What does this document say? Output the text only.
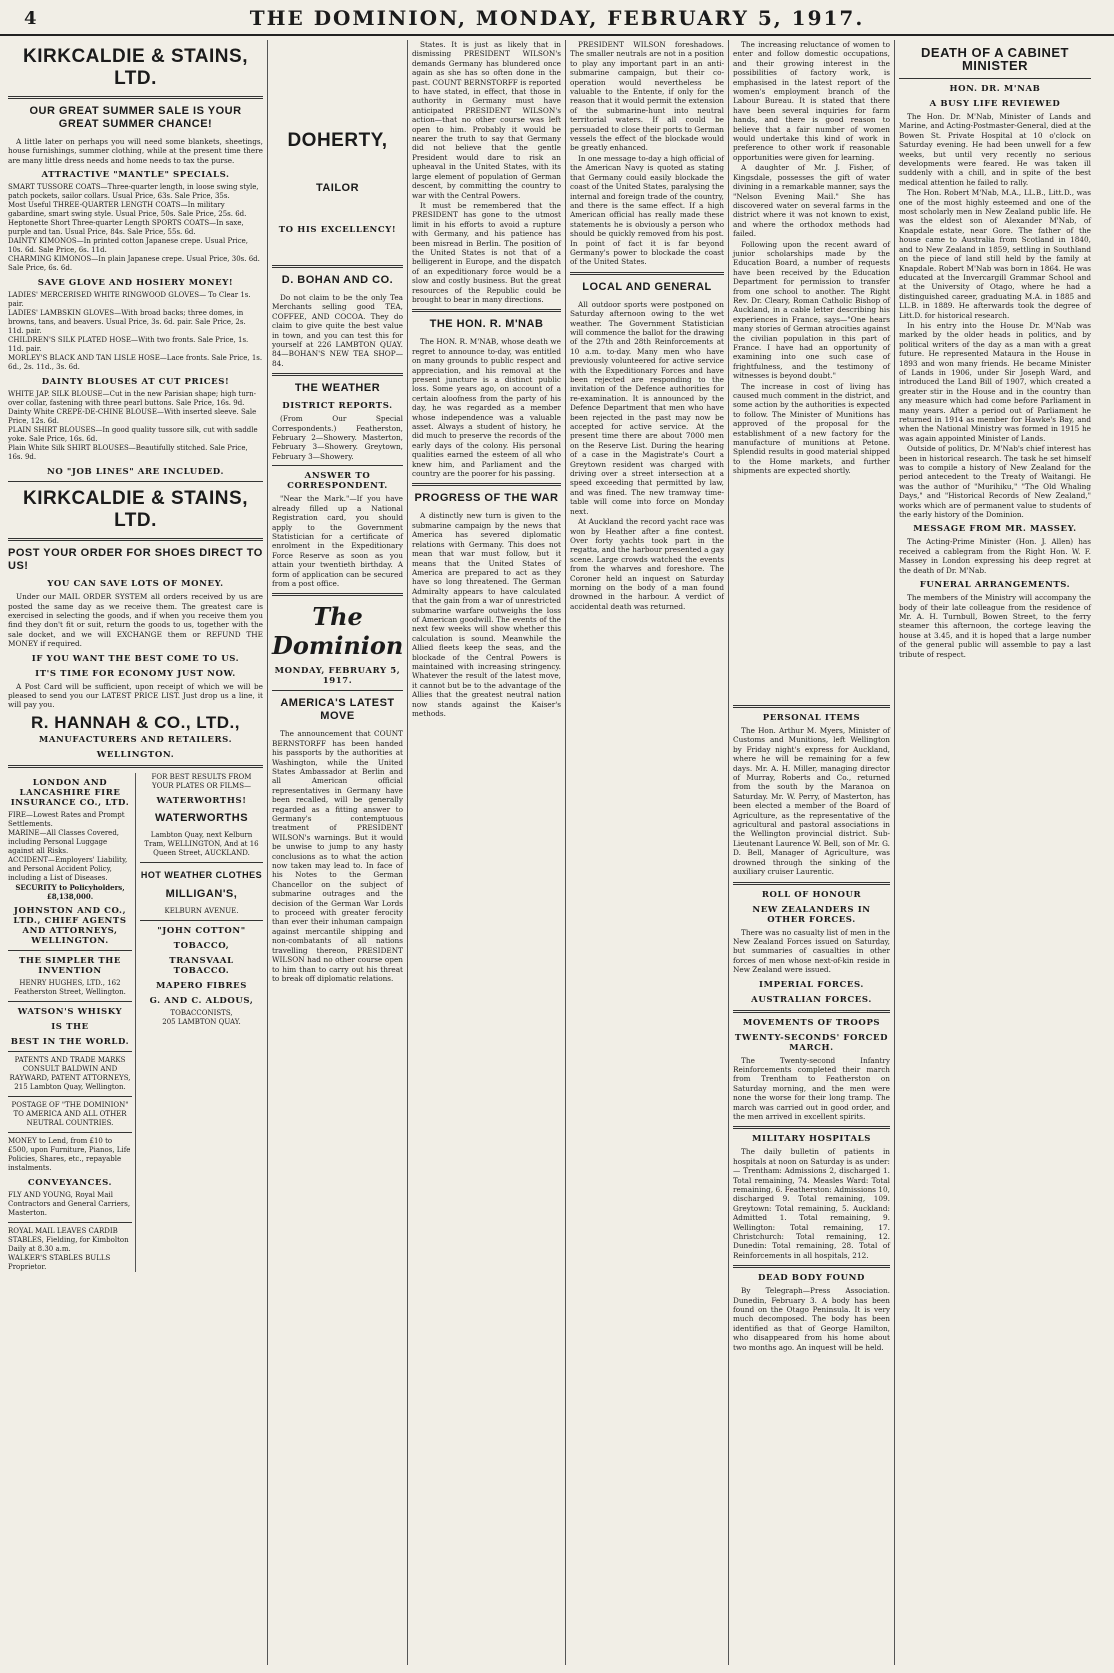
4	THE DOMINION, MONDAY, FEBRUARY 5, 1917.
KIRKCALDIE & STAINS, LTD.
OUR GREAT SUMMER SALE IS YOUR GREAT SUMMER CHANCE!

A little later on perhaps you will need some blankets, sheetings, house furnishings, summer clothing, while at the present time there are many little dress needs and home needs to tax the purse.

ATTRACTIVE "MANTLE" SPECIALS.

SMART TUSSORE COATS—Three-quarter length, in loose swing style, patch pockets, sailor collars. Usual Price, 63s. Sale Price, 35s.

Most Useful THREE-QUARTER LENGTH COATS—In military gabardine, smart swing style. Usual Price, 50s. Sale Price, 25s. 6d.

Heptonette Short Three-quarter Length SPORTS COATS—In saxe, purple and tan. Usual Price, 84s. Sale Price, 55s. 6d.

DAINTY KIMONOS—In printed cotton Japanese crepe. Usual Price, 10s. 6d. Sale Price, 6s. 11d.

CHARMING KIMONOS—In plain Japanese crepe. Usual Price, 30s. 6d. Sale Price, 6s. 6d.

SAVE GLOVE AND HOSIERY MONEY!

LADIES' MERCERISED WHITE RINGWOOD GLOVES— To Clear 1s. pair.

LADIES' LAMBSKIN GLOVES—With broad backs; three domes, in browns, tans, and beavers. Usual Price, 3s. 6d. pair. Sale Price, 2s. 11d. pair.

CHILDREN'S SILK PLATED HOSE—With two fronts. Sale Price, 1s. 11d. pair.

MORLEY'S BLACK AND TAN LISLE HOSE—Lace fronts. Sale Price, 1s. 6d., 2s. 11d., 3s. 6d.

DAINTY BLOUSES AT CUT PRICES!

WHITE JAP. SILK BLOUSE—Cut in the new Parisian shape; high turn-over collar, fastening with three pearl buttons. Sale Price, 16s. 9d.

Dainty White CREPE-DE-CHINE BLOUSE—With inserted sleeve. Sale Price, 12s. 6d.

PLAIN SHIRT BLOUSES—In good quality tussore silk, cut with saddle yoke. Sale Price, 16s. 6d.

Plain White Silk SHIRT BLOUSES—Beautifully stitched. Sale Price, 16s. 9d.

NO "JOB LINES" ARE INCLUDED.
KIRKCALDIE & STAINS, LTD.
POST YOUR ORDER FOR SHOES DIRECT TO US!
YOU CAN SAVE LOTS OF MONEY.

Under our MAIL ORDER SYSTEM all orders received by us are posted the same day as we receive them. The greatest care is exercised in selecting the goods, and if when you receive them you find they don't fit or suit, return the goods to us, together with the sale docket, and we will EXCHANGE them or REFUND THE MONEY if required.

IF YOU WANT THE BEST COME TO US.
IT'S TIME FOR ECONOMY JUST NOW.

A Post Card will be sufficient, upon receipt of which we will be pleased to send you our LATEST PRICE LIST. Just drop us a line, it will pay you.

R. HANNAH & CO., LTD.,
MANUFACTURERS AND RETAILERS.
WELLINGTON.
LONDON AND LANCASHIRE FIRE INSURANCE CO., LTD.

FIRE—Lowest Rates and Prompt Settlements.

MARINE—All Classes Covered, including Personal Luggage against all Risks.

ACCIDENT—Employers' Liability, and Personal Accident Policy, including a List of Diseases.

SECURITY to Policyholders, £8,138,000.

JOHNSTON AND CO., LTD., CHIEF AGENTS AND ATTORNEYS, WELLINGTON.
THE SIMPLER THE INVENTION
HENRY HUGHES, LTD., 162 Featherston Street, Wellington.
WATSON'S WHISKY
IS THE
BEST IN THE WORLD.
PATENTS AND TRADE MARKS CONSULT BALDWIN AND RAYWARD, PATENT ATTORNEYS, 215 Lambton Quay, Wellington.
POSTAGE OF "THE DOMINION" TO AMERICA AND ALL OTHER NEUTRAL COUNTRIES.
MONEY to Lend, from £10 to £500, upon Furniture, Pianos, Life Policies, Shares, etc., repayable instalments.
CONVEYANCES.
FLY AND YOUNG, Royal Mail Contractors and General Carriers, Masterton.
ROYAL MAIL LEAVES CARDIB STABLES, Fielding, for Kimbolton Daily at 8.30 a.m.
WALKER'S STABLES BULLS Proprietor.
FOR BEST RESULTS FROM YOUR PLATES OR FILMS—
WATERWORTHS!
WATERWORTHS
Lambton Quay, next Kelburn Tram, WELLINGTON, And at 16 Queen Street, AUCKLAND.
HOT WEATHER CLOTHES
MILLIGAN'S,
KELBURN AVENUE.
"JOHN COTTON"
TOBACCO,
TRANSVAAL TOBACCO.
MAPERO FIBRES
G. AND C. ALDOUS,
TOBACCONISTS,
205 LAMBTON QUAY.
DOHERTY,
TAILOR
TO HIS EXCELLENCY!
D. BOHAN AND CO.

Do not claim to be the only Tea Merchants selling good TEA, COFFEE, AND COCOA. They do claim to give quite the best value in town, and you can test this for yourself at 226 LAMBTON QUAY. 84—BOHAN'S NEW TEA SHOP—84.

THE WEATHER
DISTRICT REPORTS.

(From Our Special Correspondents.) Featherston, February 2—Showery. Masterton, February 3—Showery. Greytown, February 3—Showery.

ANSWER TO CORRESPONDENT.

"Near the Mark."—If you have already filled up a National Registration card, you should apply to the Government Statistician for a certificate of enrolment in the Expeditionary Force Reserve as soon as you attain your twentieth birthday. A form of application can be secured from a post office.

The Dominion
MONDAY, FEBRUARY 5, 1917.
AMERICA'S LATEST MOVE

The announcement that COUNT BERNSTORFF has been handed his passports by the authorities at Washington, while the United States Ambassador at Berlin and all American official representatives in Germany have been recalled, will be generally regarded as a fitting answer to Germany's contemptuous treatment of PRESIDENT WILSON's warnings. But it would be unwise to jump to any hasty conclusions as to what the action now taken may lead to. In face of his Notes to the German Chancellor on the subject of submarine outrages and the decision of the German War Lords to proceed with greater ferocity than ever their inhuman campaign against mercantile shipping and non-combatants of all nations travelling thereon, PRESIDENT WILSON had no other course open to him than to carry out his threat to break off diplomatic relations.

States. It is just as likely that in dismissing PRESIDENT WILSON's demands Germany has blundered once again as she has so often done in the past. COUNT BERNSTORFF is reported to have stated, in effect, that those in authority in Germany must have anticipated PRESIDENT WILSON's action—that no other course was left open to him. Probably it would be nearer the truth to say that Germany did not believe that the gentle President would dare to risk an upheaval in the United States, with its large element of population of German descent, by committing the country to war with the Central Powers.

It must be remembered that the PRESIDENT has gone to the utmost limit in his efforts to avoid a rupture with Germany, and his patience has been misread in Berlin. The position of the United States is not that of a belligerent in Europe, and the dispatch of an expeditionary force would be a slow and costly business. But the great resources of the Republic could be brought to bear in many directions.

THE HON. R. M'NAB

The HON. R. M'NAB, whose death we regret to announce to-day, was entitled on many grounds to public respect and appreciation, and his removal at the present juncture is a distinct public loss. Some years ago, on account of a certain aloofness from the party of his day, he was regarded as a member whose independence was a valuable asset. Always a student of history, he did much to preserve the records of the early days of the colony. His personal qualities earned the esteem of all who knew him, and Parliament and the country are the poorer for his passing.

PROGRESS OF THE WAR

A distinctly new turn is given to the submarine campaign by the news that America has severed diplomatic relations with Germany. This does not mean that war must follow, but it means that the United States of America are prepared to act as they have so long threatened. The German Admiralty appears to have calculated that the gain from a war of unrestricted submarine warfare outweighs the loss of American goodwill. The events of the next few weeks will show whether this calculation is sound. Meanwhile the Allied fleets keep the seas, and the blockade of the Central Powers is maintained with increasing stringency. Whatever the result of the latest move, it cannot but be to the advantage of the Allies that the greatest neutral nation now stands against the Kaiser's methods.

PRESIDENT WILSON foreshadows. The smaller neutrals are not in a position to play any important part in an anti-submarine campaign, but their co-operation would nevertheless be valuable to the Entente, if only for the reason that it would permit the extension of the submarine-hunt into neutral territorial waters. If all could be persuaded to close their ports to German vessels the effect of the blockade would be greatly enhanced.

In one message to-day a high official of the American Navy is quoted as stating that Germany could easily blockade the coast of the United States, paralysing the internal and foreign trade of the country, and there is the same effect. If a high American official has really made these statements he is obviously a person who should be quickly removed from his post. In point of fact it is far beyond Germany's power to blockade the coast of the United States.

LOCAL AND GENERAL

All outdoor sports were postponed on Saturday afternoon owing to the wet weather. The Government Statistician will commence the ballot for the drawing of the 27th and 28th Reinforcements at 10 a.m. to-day. Many men who have previously volunteered for active service with the Expeditionary Forces and have been rejected are responding to the invitation of the Defence authorities for re-examination. It is announced by the Defence Department that men who have been rejected in the past may now be accepted for active service. At the present time there are about 7000 men on the Reserve List. During the hearing of a case in the Magistrate's Court a Greytown resident was charged with driving over a street intersection at a speed exceeding that permitted by law, and was fined. The new tramway time-table will come into force on Monday next.

At Auckland the record yacht race was won by Heather after a fine contest. Over forty yachts took part in the regatta, and the harbour presented a gay scene. Large crowds watched the events from the wharves and foreshore. The Coroner held an inquest on Saturday morning on the body of a man found drowned in the harbour. A verdict of accidental death was returned.

The increasing reluctance of women to enter and follow domestic occupations, and their growing interest in the possibilities of factory work, is emphasised in the latest report of the women's employment branch of the Labour Bureau. It is stated that there have been several inquiries for farm hands, and there is good reason to believe that a fair number of women would undertake this kind of work in preference to other work if reasonable opportunities were given for learning.

A daughter of Mr. J. Fisher, of Kingsdale, possesses the gift of water divining in a remarkable manner, says the "Nelson Evening Mail." She has discovered water on several farms in the district where it was not known to exist, and where the orthodox methods had failed.

Following upon the recent award of junior scholarships made by the Education Board, a number of requests have been received by the Education Department for permission to transfer from one school to another. The Right Rev. Dr. Cleary, Roman Catholic Bishop of Auckland, in a cable letter describing his experiences in France, says—"One hears many stories of German atrocities against the civilian population in this part of France. I have had an opportunity of examining into one such case of frightfulness, and the testimony of witnesses is beyond doubt."

The increase in cost of living has caused much comment in the district, and some action by the authorities is expected to follow. The Minister of Munitions has approved of the proposal for the establishment of a new factory for the manufacture of munitions at Petone. Splendid results in good material shipped to the Home markets, and further shipments are expected shortly.

DEATH OF A CABINET MINISTER
HON. DR. M'NAB
A BUSY LIFE REVIEWED

The Hon. Dr. M'Nab, Minister of Lands and Marine, and Acting-Postmaster-General, died at the Bowen St. Private Hospital at 10 o'clock on Saturday evening. He had been unwell for a few weeks, but until very recently no serious developments were feared. He was taken ill suddenly with a chill, and in spite of the best medical attention he failed to rally.

The Hon. Robert M'Nab, M.A., LL.B., Litt.D., was one of the most highly esteemed and one of the most scholarly men in New Zealand public life. He was the eldest son of Alexander M'Nab, of Knapdale estate, near Gore. The father of the house came to Australia from Scotland in 1840, and to New Zealand in 1859, settling in Southland on the piece of land still held by the family at Knapdale. Robert M'Nab was born in 1864. He was educated at the Invercargill Grammar School and at the University of Otago, where he had a distinguished career, graduating M.A. in 1885 and LL.B. in 1889. He afterwards took the degree of Litt.D. for historical research.

In his entry into the House Dr. M'Nab was marked by the older heads in politics, and by political writers of the day as a man with a great future. He represented Mataura in the House in 1893 and won many friends. He became Minister of Lands in 1906, under Sir Joseph Ward, and introduced the Land Bill of 1907, which created a greater stir in the House and in the country than any measure which had come before Parliament in many years. After a period out of Parliament he returned in 1914 as member for Hawke's Bay, and when the National Ministry was formed in 1915 he was again appointed Minister of Lands.

Outside of politics, Dr. M'Nab's chief interest has been in historical research. The task he set himself was to compile a history of New Zealand for the period antecedent to the Treaty of Waitangi. He was the author of "Murihiku," "The Old Whaling Days," and "Historical Records of New Zealand," works which are of permanent value to students of the early history of the Dominion.

MESSAGE FROM MR. MASSEY.

The Acting-Prime Minister (Hon. J. Allen) has received a cablegram from the Right Hon. W. F. Massey in London expressing his deep regret at the death of Dr. M'Nab.

FUNERAL ARRANGEMENTS.

The members of the Ministry will accompany the body of their late colleague from the residence of Mr. A. H. Turnbull, Bowen Street, to the ferry steamer this afternoon, the cortege leaving the house at 3.45, and it is hoped that a large number of the general public will assemble to pay a last tribute of respect.

PERSONAL ITEMS

The Hon. Arthur M. Myers, Minister of Customs and Munitions, left Wellington by Friday night's express for Auckland, where he will be remaining for a few days. Mr. A. H. Miller, managing director of Murray, Roberts and Co., returned from the south by the Maranoa on Saturday. Mr. W. Perry, of Masterton, has been elected a member of the Board of Agriculture, as the representative of the agricultural and pastoral associations in the Wellington provincial district. Sub-Lieutenant Laurence W. Bell, son of Mr. G. D. Bell, Manager of Agriculture, was drowned through the sinking of the auxiliary cruiser Laurentic.

ROLL OF HONOUR
NEW ZEALANDERS IN OTHER FORCES.

There was no casualty list of men in the New Zealand Forces issued on Saturday, but summaries of casualties in other forces of men whose next-of-kin reside in New Zealand were issued.

IMPERIAL FORCES.
AUSTRALIAN FORCES.
MOVEMENTS OF TROOPS
TWENTY-SECONDS' FORCED MARCH.

The Twenty-second Infantry Reinforcements completed their march from Trentham to Featherston on Saturday morning, and the men were none the worse for their long tramp. The march was carried out in good order, and the men arrived in excellent spirits.

MILITARY HOSPITALS

The daily bulletin of patients in hospitals at noon on Saturday is as under:— Trentham: Admissions 2, discharged 1. Total remaining, 74. Measles Ward: Total remaining, 6. Featherston: Admissions 10, discharged 9. Total remaining, 109. Greytown: Total remaining, 5. Auckland: Admitted 1. Total remaining, 9. Wellington: Total remaining, 17. Christchurch: Total remaining, 12. Dunedin: Total remaining, 28. Total of Reinforcements in all hospitals, 212.

DEAD BODY FOUND

By Telegraph—Press Association. Dunedin, February 3. A body has been found on the Otago Peninsula. It is very much decomposed. The body has been identified as that of George Hamilton, who disappeared from his home about two months ago. An inquest will be held.
